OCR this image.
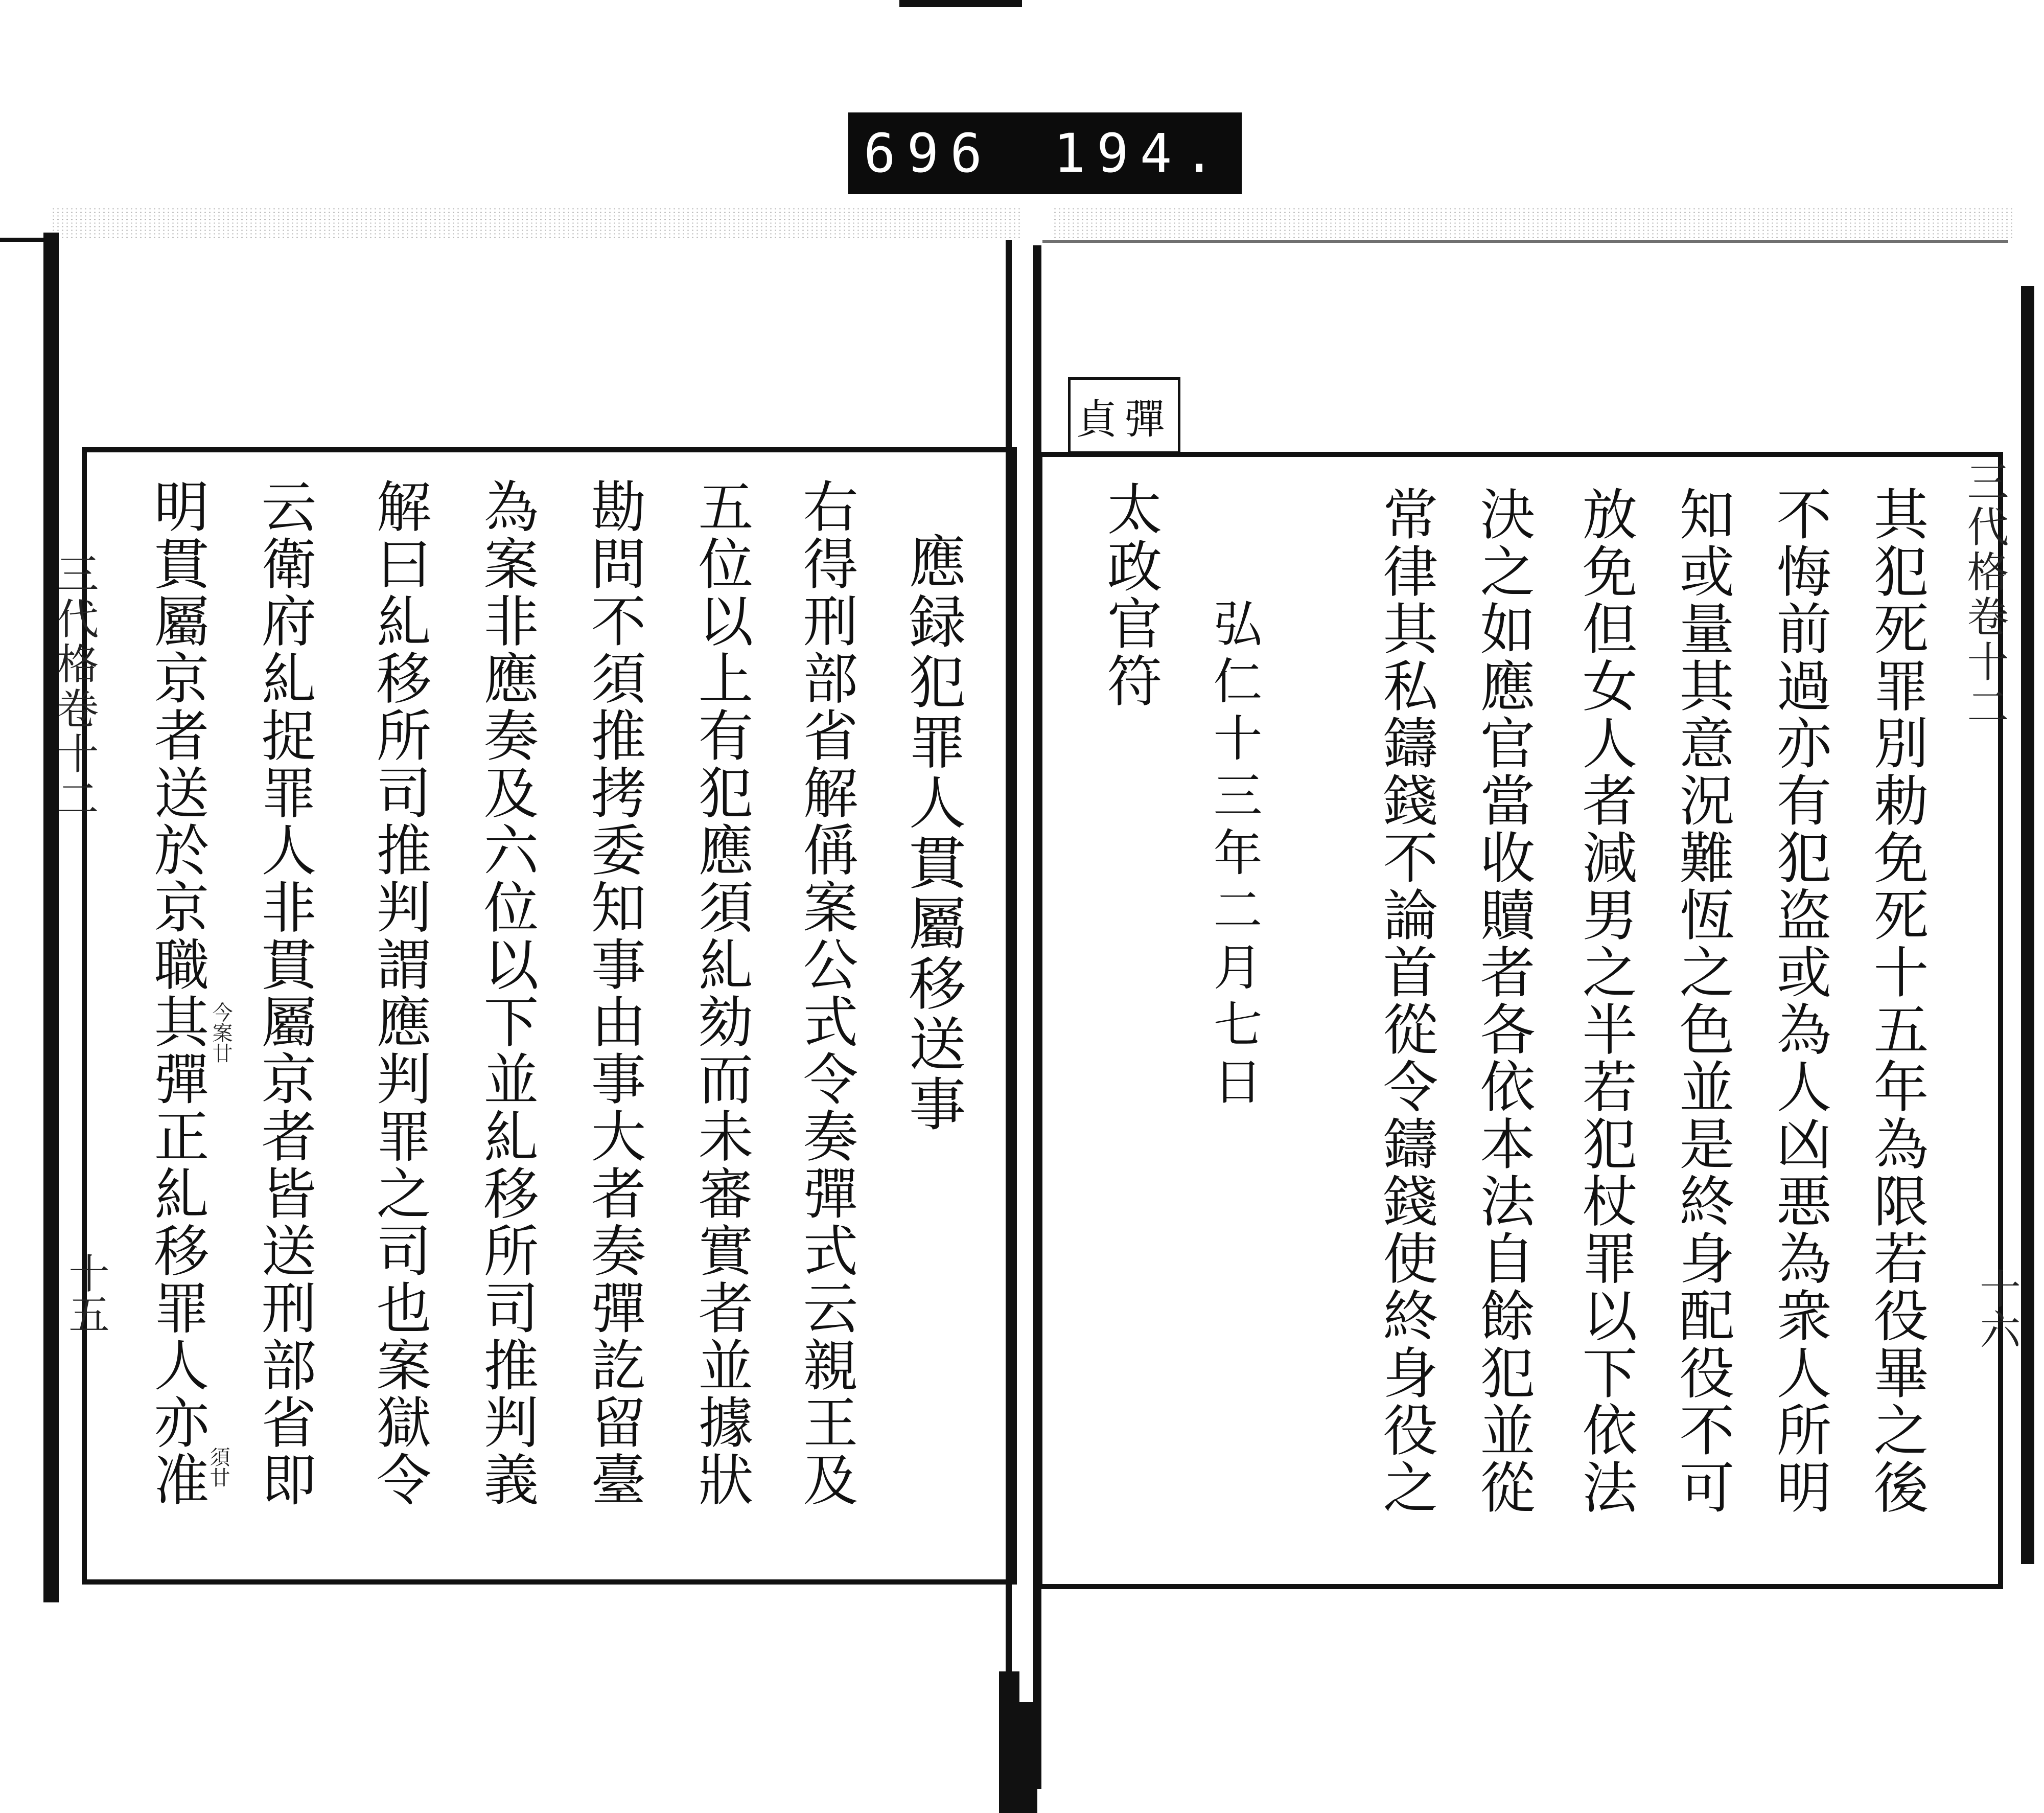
696 194.
貞彈
三代格卷十二
十六
其犯死罪別勅免死十五年為限若役畢之後
不悔前過亦有犯盗或為人凶悪為衆人所明
知或量其意況難恆之色並是終身配役不可
放免但女人者減男之半若犯杖罪以下依法
決之如應官當收贖者各依本法自餘犯並從
常律其私鑄錢不論首從令鑄錢使終身役之
弘仁十三年二月七日
太政官符
三代格卷十二
十五
應録犯罪人貫屬移送事
右得刑部省解偁案公式令奏彈式云親王及
五位以上有犯應須糺劾而未審實者並據狀
勘問不須推拷委知事由事大者奏彈訖留臺
為案非應奏及六位以下並糺移所司推判義
解曰糺移所司推判謂應判罪之司也案獄令
云衛府糺捉罪人非貫屬京者皆送刑部省即
明貫屬京者送於京職其彈正糺移罪人亦准 今案廿
須廿
